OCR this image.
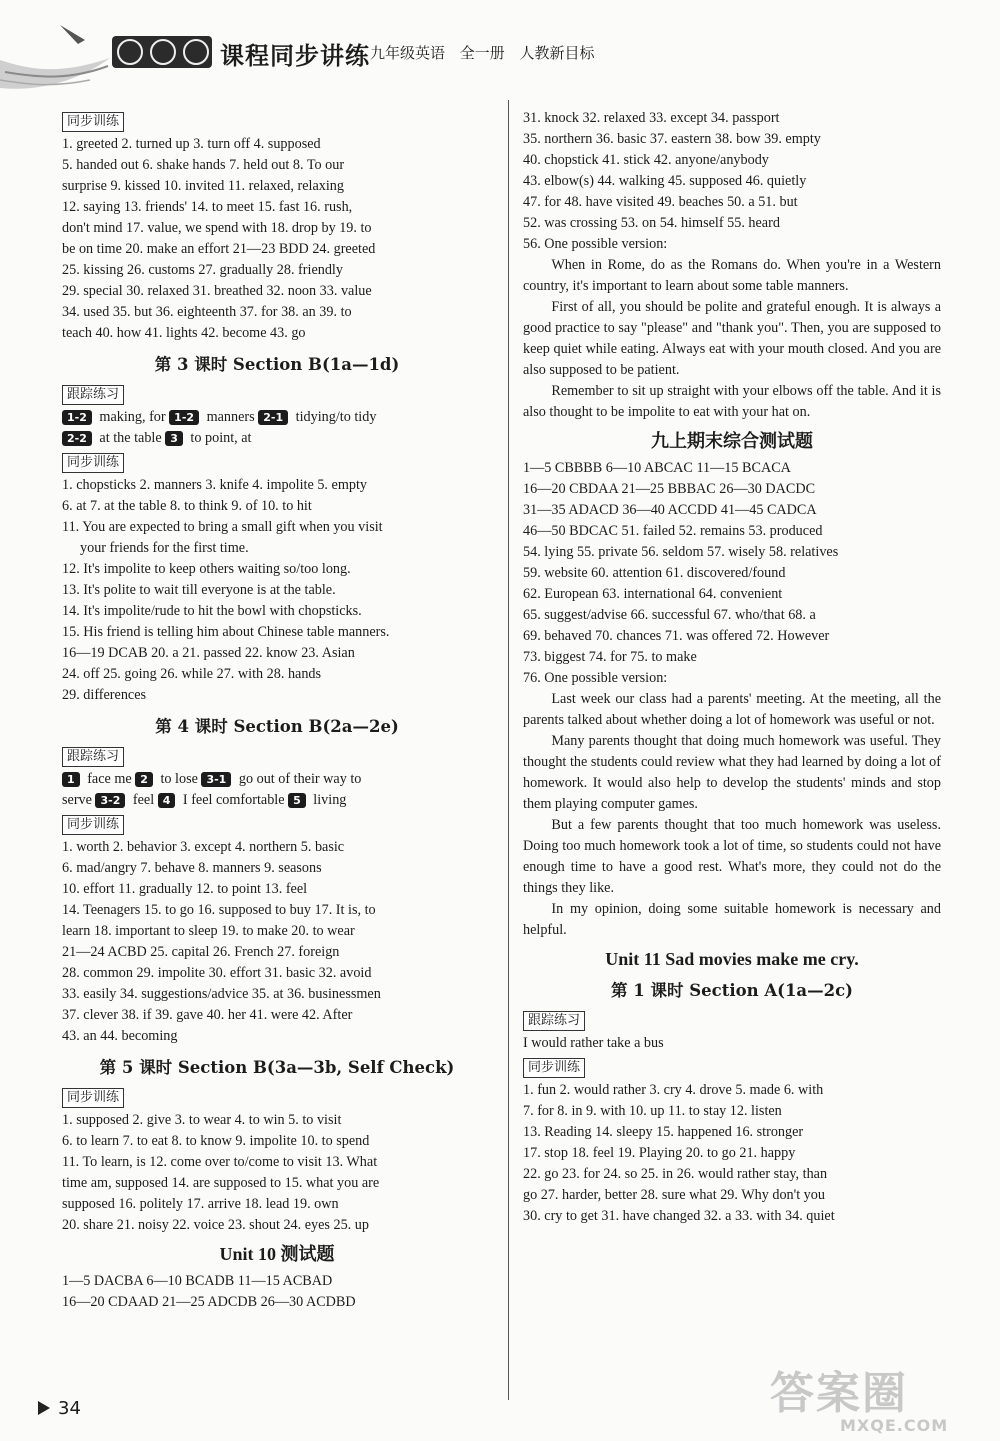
课程同步讲练 九年级英语 全一册 人教新目标
同步训练
1. greeted 2. turned up 3. turn off 4. supposed
5. handed out 6. shake hands 7. held out 8. To our
surprise 9. kissed 10. invited 11. relaxed, relaxing
12. saying 13. friends' 14. to meet 15. fast 16. rush,
don't mind 17. value, we spend with 18. drop by 19. to
be on time 20. make an effort 21—23 BDD 24. greeted
25. kissing 26. customs 27. gradually 28. friendly
29. special 30. relaxed 31. breathed 32. noon 33. value
34. used 35. but 36. eighteenth 37. for 38. an 39. to
teach 40. how 41. lights 42. become 43. go
第 3 课时 Section B(1a—1d)
跟踪练习
1-2 making, for 1-2 manners 2-1 tidying/to tidy
2-2 at the table 3 to point, at
同步训练
1. chopsticks 2. manners 3. knife 4. impolite 5. empty
6. at 7. at the table 8. to think 9. of 10. to hit
11. You are expected to bring a small gift when you visit
your friends for the first time.
12. It's impolite to keep others waiting so/too long.
13. It's polite to wait till everyone is at the table.
14. It's impolite/rude to hit the bowl with chopsticks.
15. His friend is telling him about Chinese table manners.
16—19 DCAB 20. a 21. passed 22. know 23. Asian
24. off 25. going 26. while 27. with 28. hands
29. differences
第 4 课时 Section B(2a—2e)
跟踪练习
1 face me 2 to lose 3-1 go out of their way to
serve 3-2 feel 4 I feel comfortable 5 living
同步训练
1. worth 2. behavior 3. except 4. northern 5. basic
6. mad/angry 7. behave 8. manners 9. seasons
10. effort 11. gradually 12. to point 13. feel
14. Teenagers 15. to go 16. supposed to buy 17. It is, to
learn 18. important to sleep 19. to make 20. to wear
21—24 ACBD 25. capital 26. French 27. foreign
28. common 29. impolite 30. effort 31. basic 32. avoid
33. easily 34. suggestions/advice 35. at 36. businessmen
37. clever 38. if 39. gave 40. her 41. were 42. After
43. an 44. becoming
第 5 课时 Section B(3a—3b, Self Check)
同步训练
1. supposed 2. give 3. to wear 4. to win 5. to visit
6. to learn 7. to eat 8. to know 9. impolite 10. to spend
11. To learn, is 12. come over to/come to visit 13. What
time am, supposed 14. are supposed to 15. what you are
supposed 16. politely 17. arrive 18. lead 19. own
20. share 21. noisy 22. voice 23. shout 24. eyes 25. up
Unit 10 测试题
1—5 DACBA 6—10 BCADB 11—15 ACBAD
16—20 CDAAD 21—25 ADCDB 26—30 ACDBD
31. knock 32. relaxed 33. except 34. passport
35. northern 36. basic 37. eastern 38. bow 39. empty
40. chopstick 41. stick 42. anyone/anybody
43. elbow(s) 44. walking 45. supposed 46. quietly
47. for 48. have visited 49. beaches 50. a 51. but
52. was crossing 53. on 54. himself 55. heard
56. One possible version:
When in Rome, do as the Romans do. When you're in a Western country, it's important to learn about some table manners.
First of all, you should be polite and grateful enough. It is always a good practice to say "please" and "thank you". Then, you are supposed to keep quiet while eating. Always eat with your mouth closed. And you are also supposed to be patient.
Remember to sit up straight with your elbows off the table. And it is also thought to be impolite to eat with your hat on.
九上期末综合测试题
1—5 CBBBB 6—10 ABCAC 11—15 BCACA
16—20 CBDAA 21—25 BBBAC 26—30 DACDC
31—35 ADACD 36—40 ACCDD 41—45 CADCA
46—50 BDCAC 51. failed 52. remains 53. produced
54. lying 55. private 56. seldom 57. wisely 58. relatives
59. website 60. attention 61. discovered/found
62. European 63. international 64. convenient
65. suggest/advise 66. successful 67. who/that 68. a
69. behaved 70. chances 71. was offered 72. However
73. biggest 74. for 75. to make
76. One possible version:
Last week our class had a parents' meeting. At the meeting, all the parents talked about whether doing a lot of homework was useful or not.
Many parents thought that doing much homework was useful. They thought the students could review what they had learned by doing a lot of homework. It would also help to develop the students' minds and stop them playing computer games.
But a few parents thought that too much homework was useless. Doing too much homework took a lot of time, so students could not have enough time to have a good rest. What's more, they could not do the things they like.
In my opinion, doing some suitable homework is necessary and helpful.
Unit 11 Sad movies make me cry.
第 1 课时 Section A(1a—2c)
跟踪练习
I would rather take a bus
同步训练
1. fun 2. would rather 3. cry 4. drove 5. made 6. with
7. for 8. in 9. with 10. up 11. to stay 12. listen
13. Reading 14. sleepy 15. happened 16. stronger
17. stop 18. feel 19. Playing 20. to go 21. happy
22. go 23. for 24. so 25. in 26. would rather stay, than
go 27. harder, better 28. sure what 29. Why don't you
30. cry to get 31. have changed 32. a 33. with 34. quiet
34	答案圈
MXQE.COM
